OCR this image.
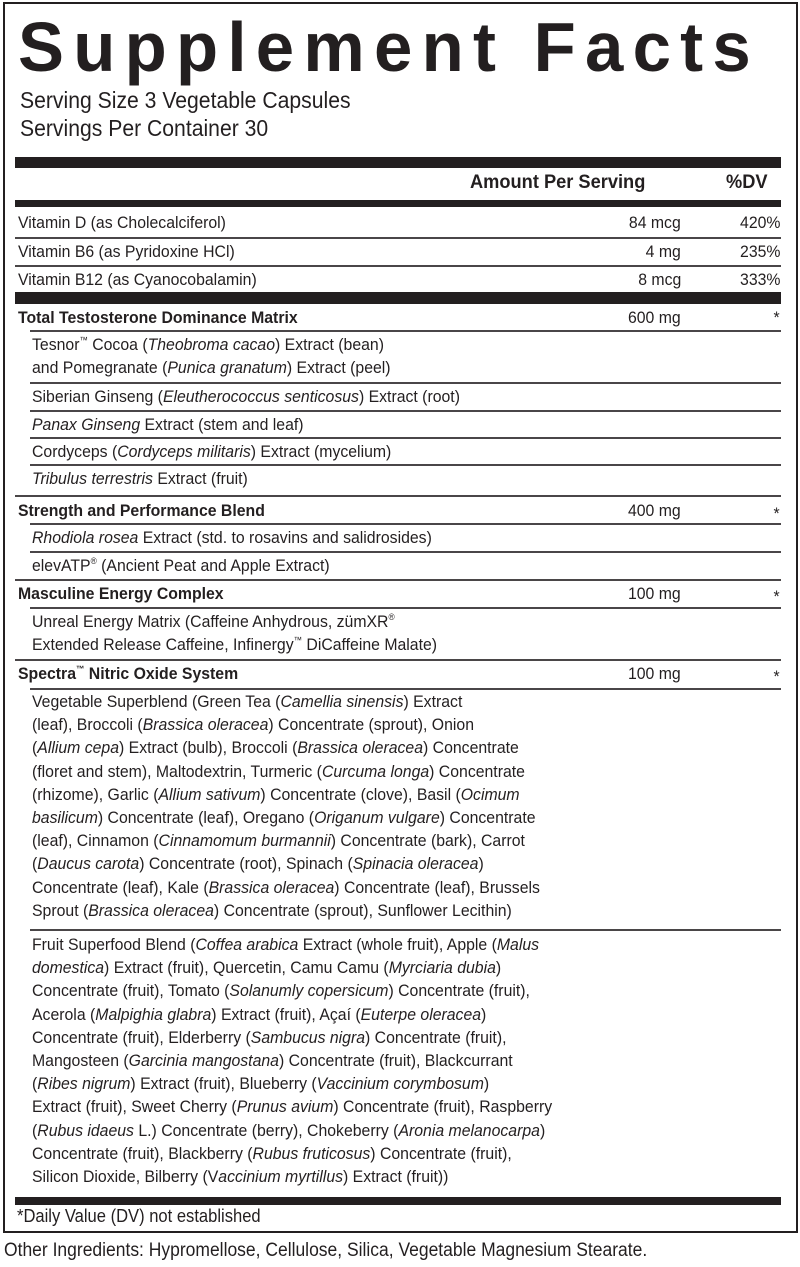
Supplement Facts
Serving Size 3 Vegetable Capsules
Servings Per Container 30
Amount Per Serving	%DV
Vitamin D (as Cholecalciferol)	84 mcg	420%
Vitamin B6 (as Pyridoxine HCl)	4 mg	235%
Vitamin B12 (as Cyanocobalamin)	8 mcg	333%
Total Testosterone Dominance Matrix	600 mg	*
Tesnor™ Cocoa (Theobroma cacao) Extract (bean)
and Pomegranate (Punica granatum) Extract (peel)
Siberian Ginseng (Eleutherococcus senticosus) Extract (root)
Panax Ginseng Extract (stem and leaf)
Cordyceps (Cordyceps militaris) Extract (mycelium)
Tribulus terrestris Extract (fruit)
Strength and Performance Blend	400 mg	*
Rhodiola rosea Extract (std. to rosavins and salidrosides)
elevATP® (Ancient Peat and Apple Extract)
Masculine Energy Complex	100 mg	*
Unreal Energy Matrix (Caffeine Anhydrous, zümXR®
Extended Release Caffeine, Infinergy™ DiCaffeine Malate)
Spectra™ Nitric Oxide System	100 mg	*
Vegetable Superblend (Green Tea (Camellia sinensis) Extract
(leaf), Broccoli (Brassica oleracea) Concentrate (sprout), Onion
(Allium cepa) Extract (bulb), Broccoli (Brassica oleracea) Concentrate
(floret and stem), Maltodextrin, Turmeric (Curcuma longa) Concentrate
(rhizome), Garlic (Allium sativum) Concentrate (clove), Basil (Ocimum
basilicum) Concentrate (leaf), Oregano (Origanum vulgare) Concentrate
(leaf), Cinnamon (Cinnamomum burmannii) Concentrate (bark), Carrot
(Daucus carota) Concentrate (root), Spinach (Spinacia oleracea)
Concentrate (leaf), Kale (Brassica oleracea) Concentrate (leaf), Brussels
Sprout (Brassica oleracea) Concentrate (sprout), Sunflower Lecithin)
Fruit Superfood Blend (Coffea arabica Extract (whole fruit), Apple (Malus
domestica) Extract (fruit), Quercetin, Camu Camu (Myrciaria dubia)
Concentrate (fruit), Tomato (Solanumly copersicum) Concentrate (fruit),
Acerola (Malpighia glabra) Extract (fruit), Açaí (Euterpe oleracea)
Concentrate (fruit), Elderberry (Sambucus nigra) Concentrate (fruit),
Mangosteen (Garcinia mangostana) Concentrate (fruit), Blackcurrant
(Ribes nigrum) Extract (fruit), Blueberry (Vaccinium corymbosum)
Extract (fruit), Sweet Cherry (Prunus avium) Concentrate (fruit), Raspberry
(Rubus idaeus L.) Concentrate (berry), Chokeberry (Aronia melanocarpa)
Concentrate (fruit), Blackberry (Rubus fruticosus) Concentrate (fruit),
Silicon Dioxide, Bilberry (Vaccinium myrtillus) Extract (fruit))
*Daily Value (DV) not established
Other Ingredients: Hypromellose, Cellulose, Silica, Vegetable Magnesium Stearate.
